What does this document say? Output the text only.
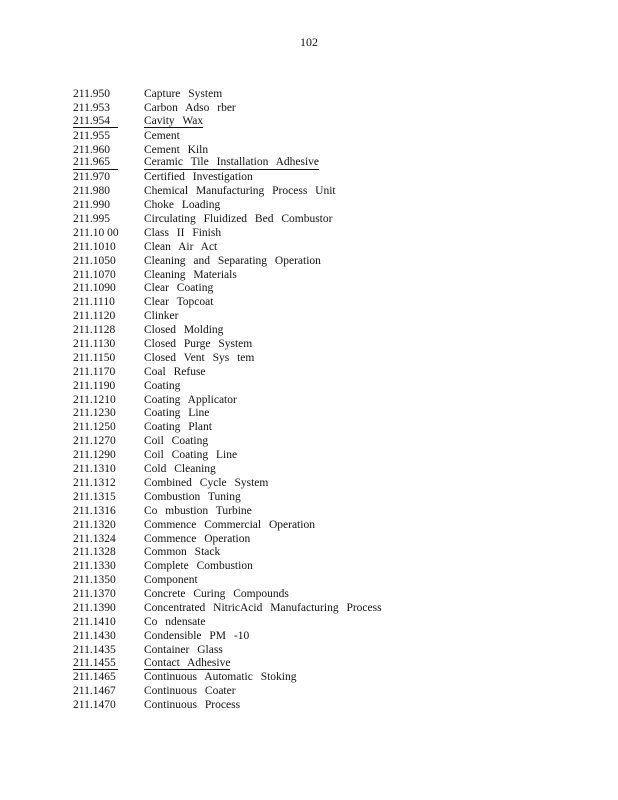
102
211.950	Capture System
211.953	Carbon Adso rber
211.954	Cavity Wax
211.955	Cement
211.960	Cement Kiln
211.965	Ceramic Tile Installation Adhesive
211.970	Certified Investigation
211.980	Chemical Manufacturing Process Unit
211.990	Choke Loading
211.995	Circulating Fluidized Bed Combustor
211.10 00 Class II Finish
211.1010 Clean Air Act
211.1050 Cleaning and Separating Operation
211.1070 Cleaning Materials
211.1090 Clear Coating
211.1110	Clear Topcoat
211.1120 Clinker
211.1128 Closed Molding
211.1130 Closed Purge System
211.1150 Closed Vent Sys tem
211.1170 Coal Refuse
211.1190 Coating
211.1210 Coating Applicator
211.1230 Coating Line
211.1250 Coating Plant
211.1270 Coil Coating
211.1290 Coil Coating Line
211.1310 Cold Cleaning
211.1312 Combined Cycle System
211.1315 Combustion Tuning
211.1316 Co mbustion Turbine
211.1320 Commence Commercial Operation
211.1324 Commence Operation
211.1328 Common Stack
211.1330 Complete Combustion
211.1350 Component
211.1370 Concrete Curing Compounds
211.1390 Concentrated NitricAcid Manufacturing Process
211.1410 Co ndensate
211.1430 Condensible PM -10
211.1435 Container Glass
211.1455 Contact Adhesive
211.1465 Continuous Automatic Stoking
211.1467 Continuous Coater
211.1470 Continuous Process
